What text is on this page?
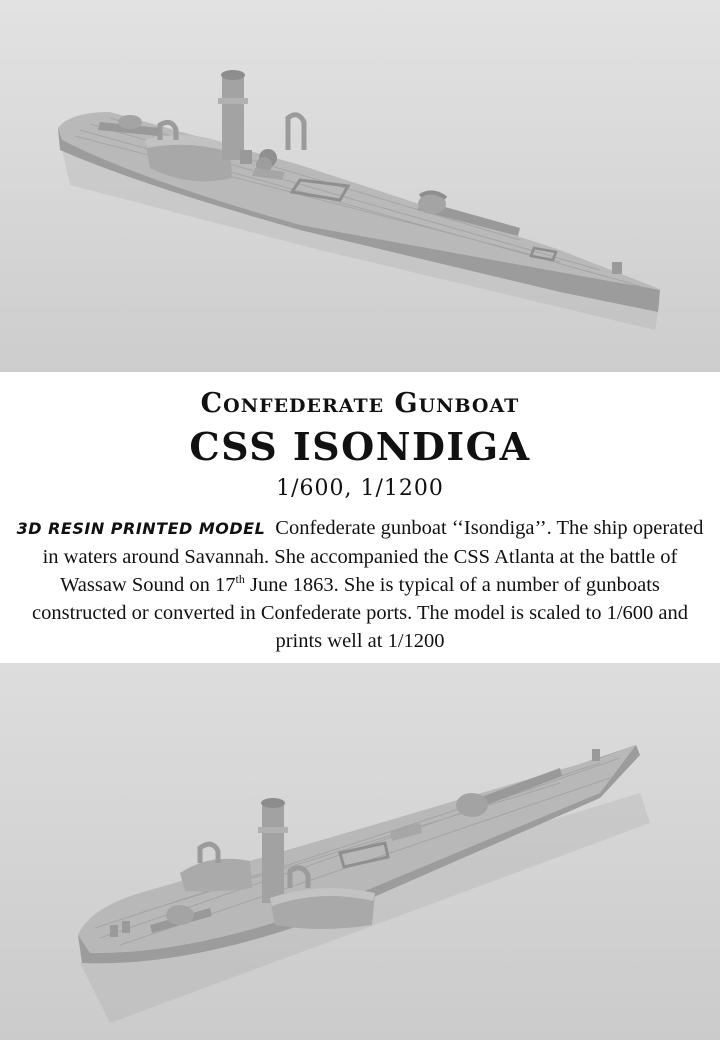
Confederate Gunboat
CSS ISONDIGA
1/600, 1/1200
3D RESIN PRINTED MODEL Confederate gunboat ‘‘Isondiga’’. The ship operated in waters around Savannah. She accompanied the CSS Atlanta at the battle of Wassaw Sound on 17th June 1863. She is typical of a number of gunboats constructed or converted in Confederate ports. The model is scaled to 1/600 and prints well at 1/1200
